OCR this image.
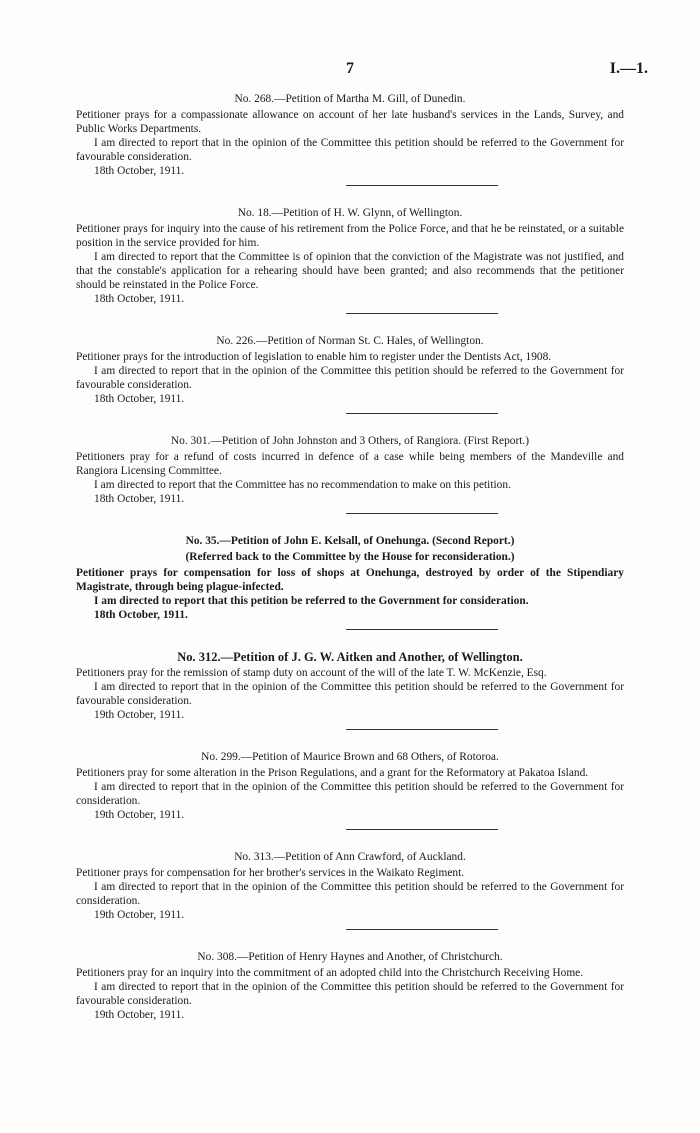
7	I.—1.

No. 268.—Petition of Martha M. Gill, of Dunedin.

Petitioner prays for a compassionate allowance on account of her late husband's services in the Lands, Survey, and Public Works Departments.

I am directed to report that in the opinion of the Committee this petition should be referred to the Government for favourable consideration.

18th October, 1911.

No. 18.—Petition of H. W. Glynn, of Wellington.

Petitioner prays for inquiry into the cause of his retirement from the Police Force, and that he be reinstated, or a suitable position in the service provided for him.

I am directed to report that the Committee is of opinion that the conviction of the Magistrate was not justified, and that the constable's application for a rehearing should have been granted; and also recommends that the petitioner should be reinstated in the Police Force.

18th October, 1911.

No. 226.—Petition of Norman St. C. Hales, of Wellington.

Petitioner prays for the introduction of legislation to enable him to register under the Dentists Act, 1908.

I am directed to report that in the opinion of the Committee this petition should be referred to the Government for favourable consideration.

18th October, 1911.

No. 301.—Petition of John Johnston and 3 Others, of Rangiora. (First Report.)

Petitioners pray for a refund of costs incurred in defence of a case while being members of the Mandeville and Rangiora Licensing Committee.

I am directed to report that the Committee has no recommendation to make on this petition.

18th October, 1911.

No. 35.—Petition of John E. Kelsall, of Onehunga. (Second Report.)

(Referred back to the Committee by the House for reconsideration.)

Petitioner prays for compensation for loss of shops at Onehunga, destroyed by order of the Stipendiary Magistrate, through being plague-infected.

I am directed to report that this petition be referred to the Government for consideration.

18th October, 1911.

No. 312.—Petition of J. G. W. Aitken and Another, of Wellington.

Petitioners pray for the remission of stamp duty on account of the will of the late T. W. McKenzie, Esq.

I am directed to report that in the opinion of the Committee this petition should be referred to the Government for favourable consideration.

19th October, 1911.

No. 299.—Petition of Maurice Brown and 68 Others, of Rotoroa.

Petitioners pray for some alteration in the Prison Regulations, and a grant for the Reformatory at Pakatoa Island.

I am directed to report that in the opinion of the Committee this petition should be referred to the Government for consideration.

19th October, 1911.

No. 313.—Petition of Ann Crawford, of Auckland.

Petitioner prays for compensation for her brother's services in the Waikato Regiment.

I am directed to report that in the opinion of the Committee this petition should be referred to the Government for consideration.

19th October, 1911.

No. 308.—Petition of Henry Haynes and Another, of Christchurch.

Petitioners pray for an inquiry into the commitment of an adopted child into the Christchurch Receiving Home.

I am directed to report that in the opinion of the Committee this petition should be referred to the Government for favourable consideration.

19th October, 1911.
